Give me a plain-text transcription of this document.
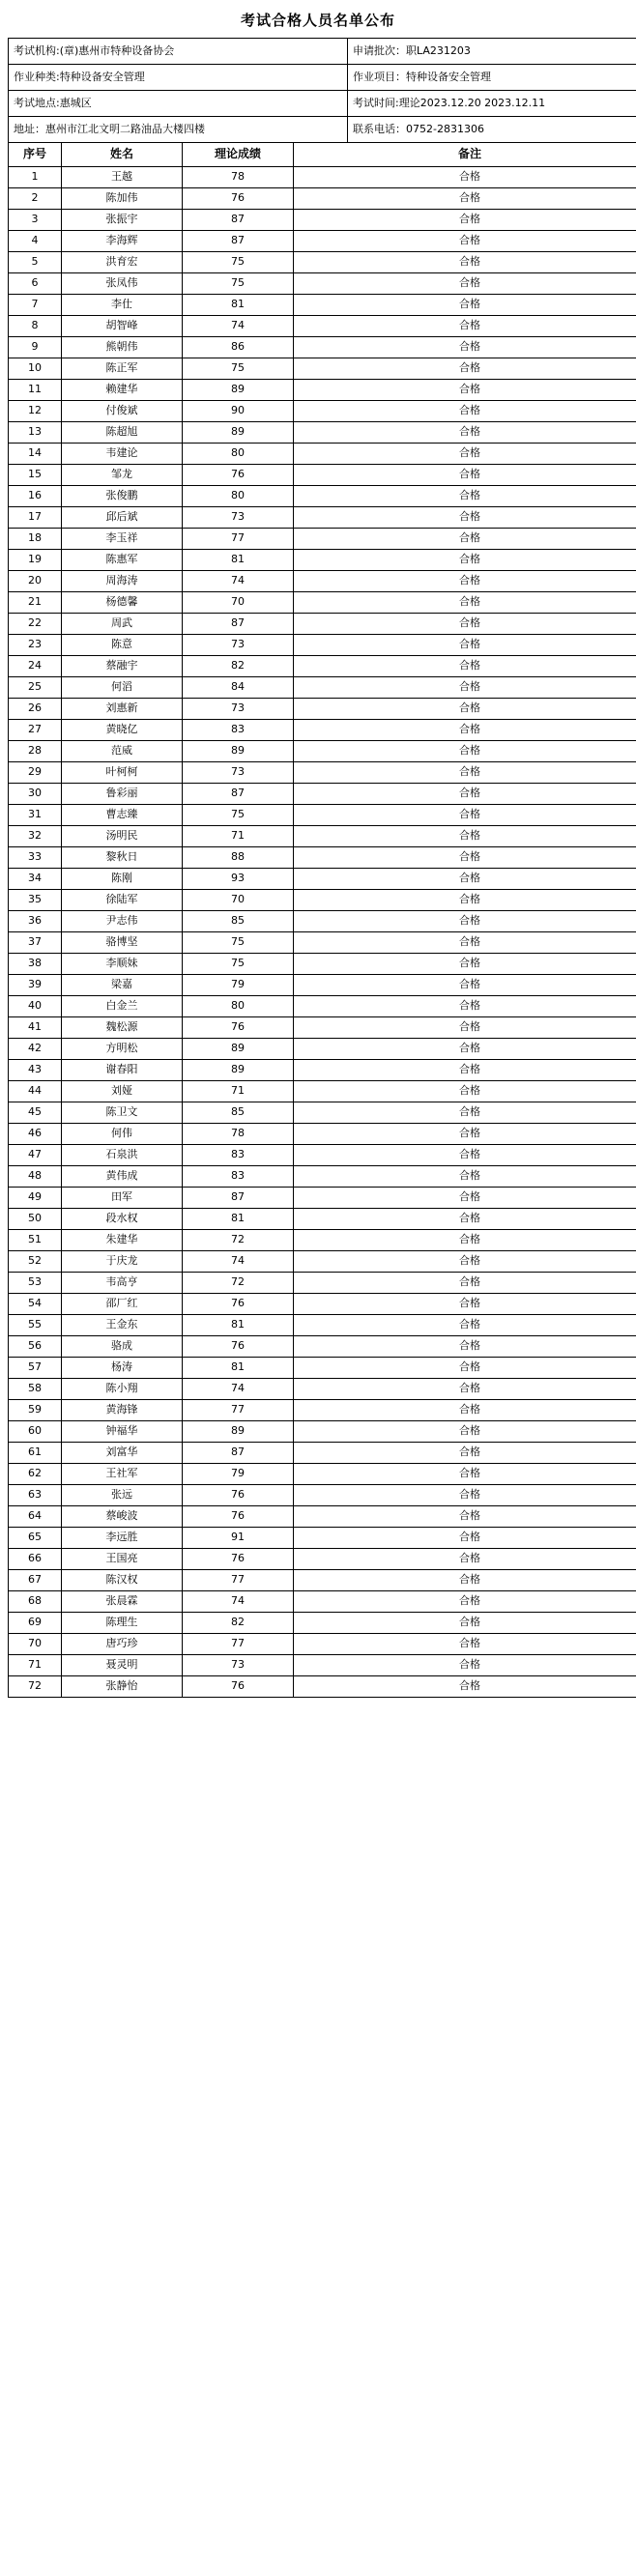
考试合格人员名单公布
考试机构:(章)惠州市特种设备协会	申请批次：职LA231203
作业种类:特种设备安全管理	作业项目：特种设备安全管理
考试地点:惠城区	考试时间:理论2023.12.20 2023.12.11
地址：惠州市江北文明二路油品大楼四楼	联系电话：0752-2831306
序号	姓名	理论成绩	备注
1	王越	78	合格
2	陈加伟	76	合格
3	张振宇	87	合格
4	李海辉	87	合格
5	洪育宏	75	合格
6	张凤伟	75	合格
7	李仕	81	合格
8	胡智峰	74	合格
9	熊朝伟	86	合格
10	陈正军	75	合格
11	赖建华	89	合格
12	付俊斌	90	合格
13	陈超旭	89	合格
14	韦建论	80	合格
15	邹龙	76	合格
16	张俊鹏	80	合格
17	邱后斌	73	合格
18	李玉祥	77	合格
19	陈惠军	81	合格
20	周海涛	74	合格
21	杨德馨	70	合格
22	周武	87	合格
23	陈意	73	合格
24	蔡融宇	82	合格
25	何滔	84	合格
26	刘惠新	73	合格
27	黄晓亿	83	合格
28	范威	89	合格
29	叶柯柯	73	合格
30	鲁彩丽	87	合格
31	曹志臻	75	合格
32	汤明民	71	合格
33	黎秋日	88	合格
34	陈刚	93	合格
35	徐陆军	70	合格
36	尹志伟	85	合格
37	骆博坚	75	合格
38	李顺妹	75	合格
39	梁嘉	79	合格
40	白金兰	80	合格
41	魏松源	76	合格
42	方明松	89	合格
43	谢春阳	89	合格
44	刘娅	71	合格
45	陈卫文	85	合格
46	何伟	78	合格
47	石泉洪	83	合格
48	黄伟成	83	合格
49	田军	87	合格
50	段水权	81	合格
51	朱建华	72	合格
52	于庆龙	74	合格
53	韦高亨	72	合格
54	邵厂红	76	合格
55	王金东	81	合格
56	骆成	76	合格
57	杨涛	81	合格
58	陈小翔	74	合格
59	黄海锋	77	合格
60	钟福华	89	合格
61	刘富华	87	合格
62	王社军	79	合格
63	张远	76	合格
64	蔡峻波	76	合格
65	李远胜	91	合格
66	王国亮	76	合格
67	陈汉权	77	合格
68	张晨霖	74	合格
69	陈理生	82	合格
70	唐巧珍	77	合格
71	聂灵明	73	合格
72	张静怡	76	合格
